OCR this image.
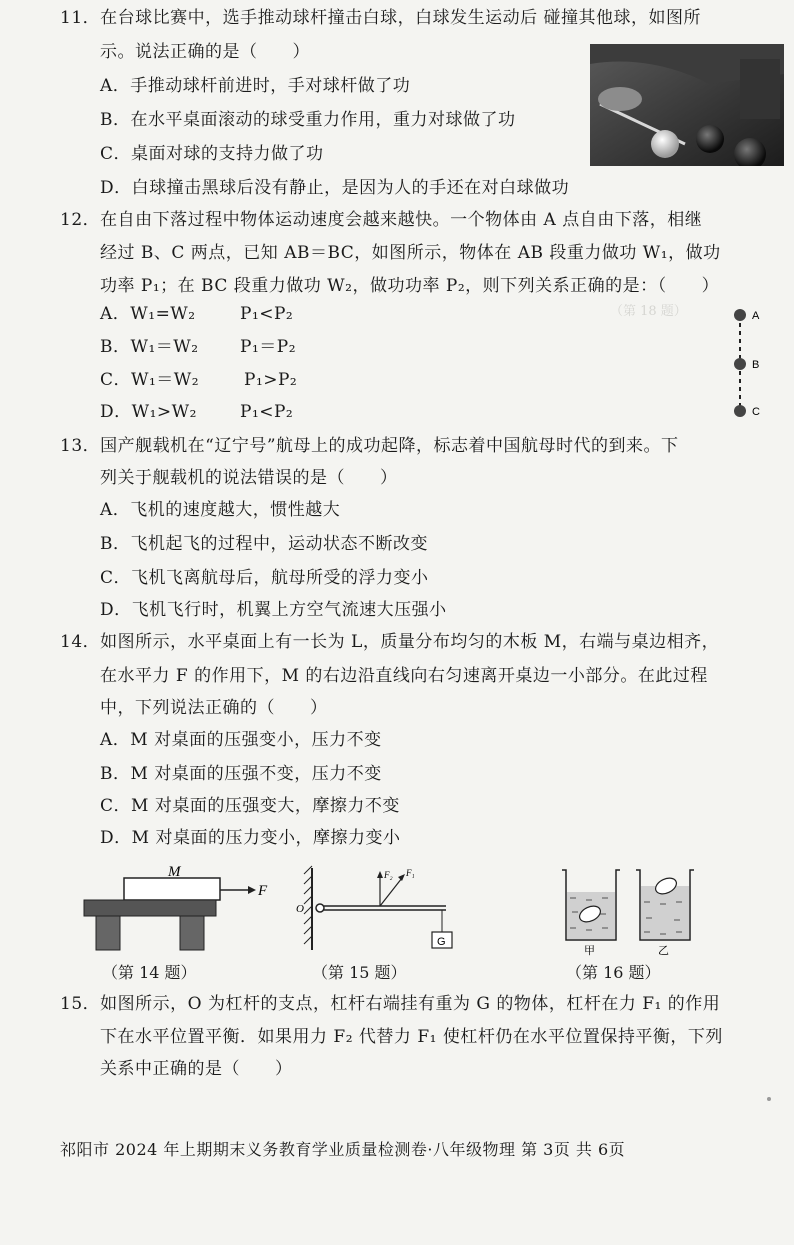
（第 18 题）
11．在台球比赛中，选手推动球杆撞击白球，白球发生运动后 碰撞其他球，如图所
示。说法正确的是（　　）
A．手推动球杆前进时，手对球杆做了功
B．在水平桌面滚动的球受重力作用，重力对球做了功
C．桌面对球的支持力做了功
D．白球撞击黑球后没有静止，是因为人的手还在对白球做功
12．在自由下落过程中物体运动速度会越来越快。一个物体由 A 点自由下落，相继
经过 B、C 两点，已知 AB＝BC，如图所示，物体在 AB 段重力做功 W₁，做功
功率 P₁；在 BC 段重力做功 W₂，做功功率 P₂，则下列关系正确的是：（　　）
A．W₁=W₂	P₁<P₂
B．W₁＝W₂ P₁＝P₂
C．W₁＝W₂	P₁>P₂
D．W₁>W₂	P₁<P₂
A
B
C
13．国产舰载机在“辽宁号”航母上的成功起降，标志着中国航母时代的到来。下
列关于舰载机的说法错误的是（　　）
A．飞机的速度越大，惯性越大
B．飞机起飞的过程中，运动状态不断改变
C．飞机飞离航母后，航母所受的浮力变小
D．飞机飞行时，机翼上方空气流速大压强小
14．如图所示，水平桌面上有一长为 L，质量分布均匀的木板 M，右端与桌边相齐，
在水平力 F 的作用下，M 的右边沿直线向右匀速离开桌边一小部分。在此过程
中，下列说法正确的（　　）
A．M 对桌面的压强变小，压力不变
B．M 对桌面的压强不变，压力不变
C．M 对桌面的压强变大，摩擦力不变
D．M 对桌面的压力变小，摩擦力变小
M
F
（第 14 题）
O
G
F₂ F₁
（第 15 题）
甲	乙
（第 16 题）
15．如图所示，O 为杠杆的支点，杠杆右端挂有重为 G 的物体，杠杆在力 F₁ 的作用
下在水平位置平衡．如果用力 F₂ 代替力 F₁ 使杠杆仍在水平位置保持平衡，下列
关系中正确的是（　　）
祁阳市 2024 年上期期末义务教育学业质量检测卷·八年级物理 第 3页 共 6页
